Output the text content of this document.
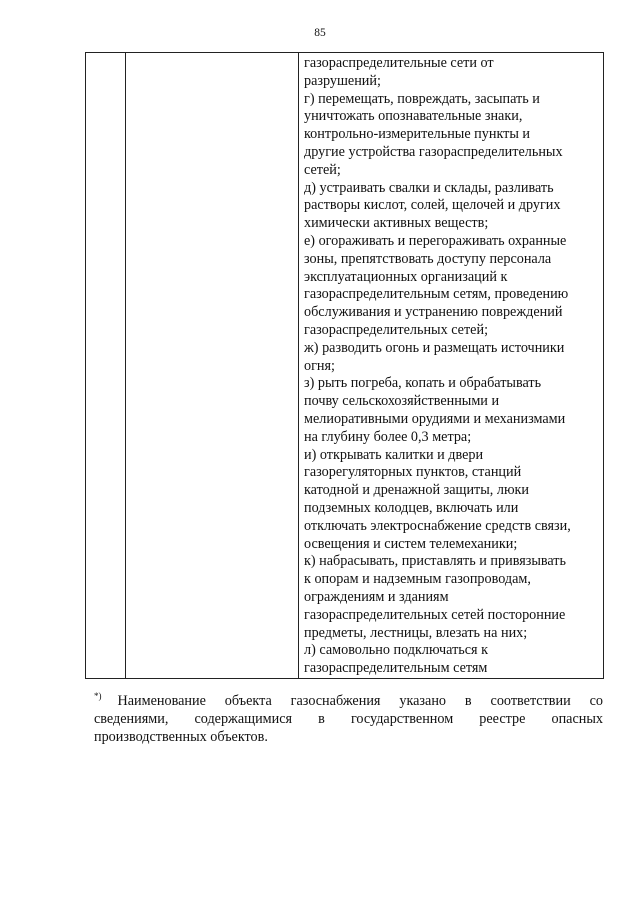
85

газораспределительные сети от
разрушений;
г) перемещать, повреждать, засыпать и
уничтожать опознавательные знаки,
контрольно-измерительные пункты и
другие устройства газораспределительных
сетей;
д) устраивать свалки и склады, разливать
растворы кислот, солей, щелочей и других
химически активных веществ;
е) огораживать и перегораживать охранные
зоны, препятствовать доступу персонала
эксплуатационных организаций к
газораспределительным сетям, проведению
обслуживания и устранению повреждений
газораспределительных сетей;
ж) разводить огонь и размещать источники
огня;
з) рыть погреба, копать и обрабатывать
почву сельскохозяйственными и
мелиоративными орудиями и механизмами
на глубину более 0,3 метра;
и) открывать калитки и двери
газорегуляторных пунктов, станций
катодной и дренажной защиты, люки
подземных колодцев, включать или
отключать электроснабжение средств связи,
освещения и систем телемеханики;
к) набрасывать, приставлять и привязывать
к опорам и надземным газопроводам,
ограждениям и зданиям
газораспределительных сетей посторонние
предметы, лестницы, влезать на них;
л) самовольно подключаться к
газораспределительным сетям
*) Наименование объекта газоснабжения указано в соответствии со
сведениями, содержащимися в государственном реестре опасных
производственных объектов.
